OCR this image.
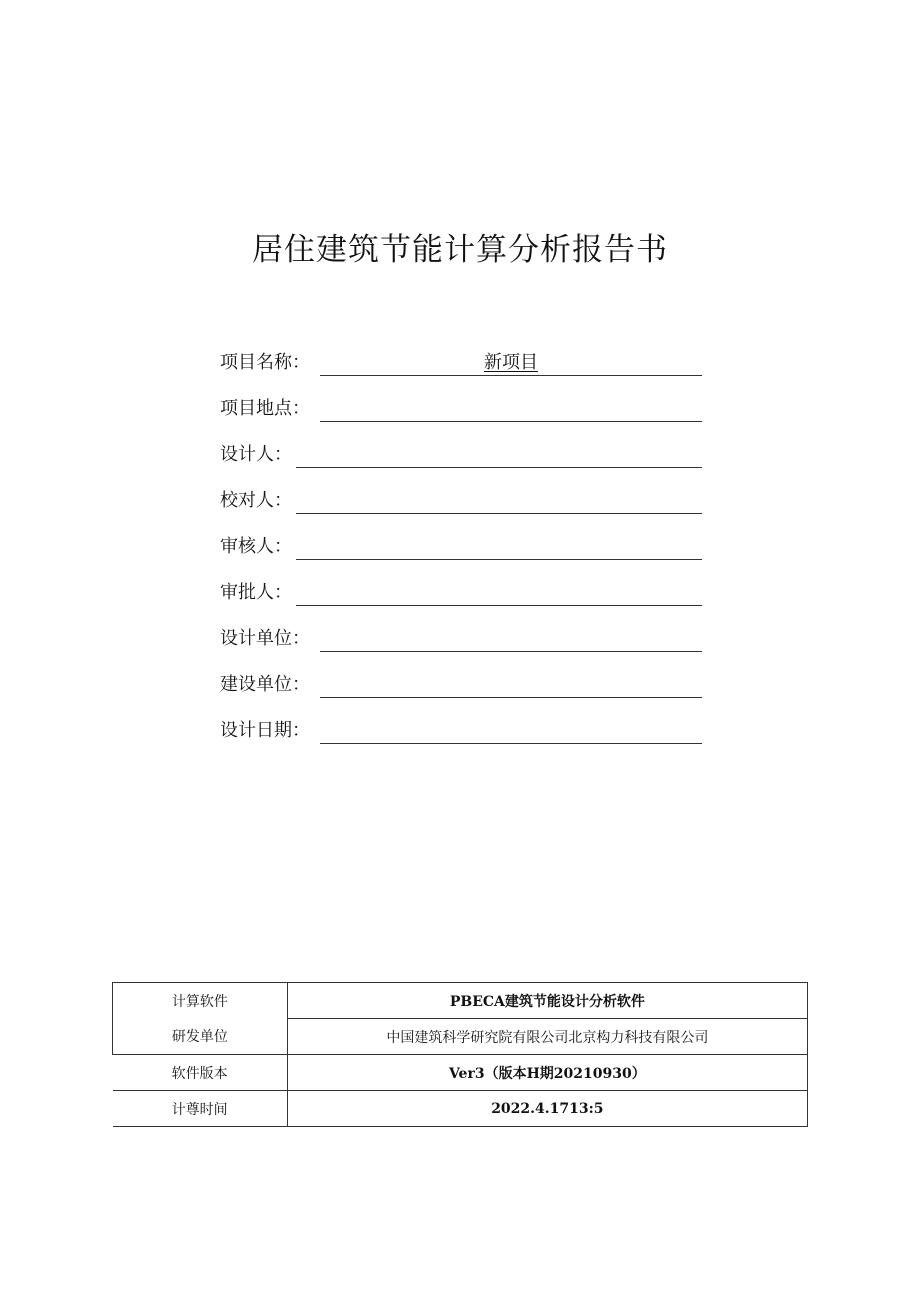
居住建筑节能计算分析报告书
项目名称：	新项目
项目地点：
设计人：
校对人：
审核人：
审批人：
设计单位：
建设单位：
设计日期：
计算软件	PBECA建筑节能设计分析软件
研发单位	中国建筑科学研究院有限公司北京构力科技有限公司
软件版本	Ver3（版本H期20210930）
计尊时间	2022.4.1713:5
